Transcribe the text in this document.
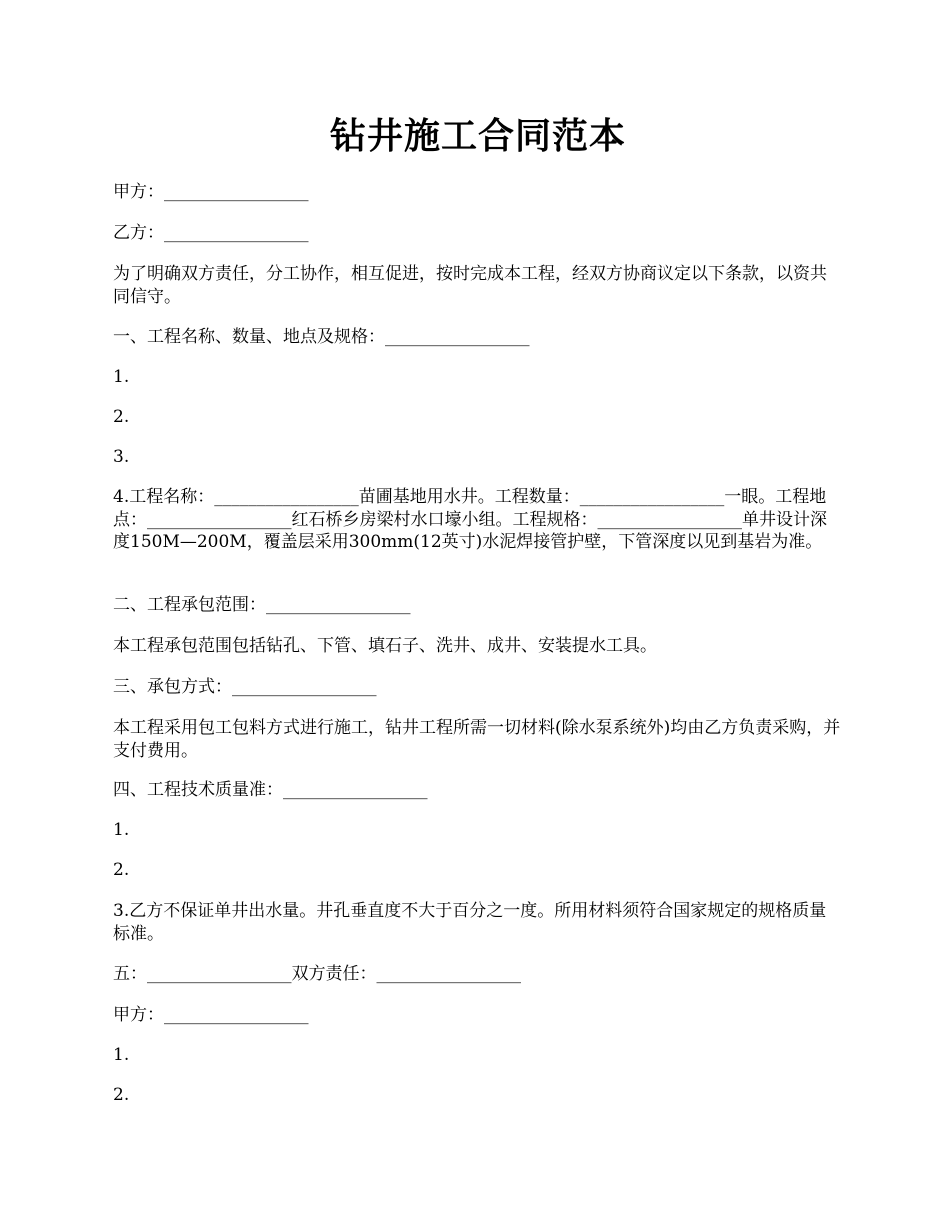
钻井施工合同范本

甲方：_________________

乙方：_________________

为了明确双方责任，分工协作，相互促进，按时完成本工程，经双方协商议定以下条款，以资共同信守。

一、工程名称、数量、地点及规格：_________________

1.

2.

3.

4.工程名称：_________________苗圃基地用水井。工程数量：_________________一眼。工程地点：_________________红石桥乡房梁村水口壕小组。工程规格：_________________单井设计深度150M—200M，覆盖层采用300mm(12英寸)水泥焊接管护壁，下管深度以见到基岩为准。

二、工程承包范围：_________________

本工程承包范围包括钻孔、下管、填石子、洗井、成井、安装提水工具。

三、承包方式：_________________

本工程采用包工包料方式进行施工，钻井工程所需一切材料(除水泵系统外)均由乙方负责采购，并支付费用。

四、工程技术质量准：_________________

1.

2.

3.乙方不保证单井出水量。井孔垂直度不大于百分之一度。所用材料须符合国家规定的规格质量标准。

五：_________________双方责任：_________________

甲方：_________________

1.

2.
